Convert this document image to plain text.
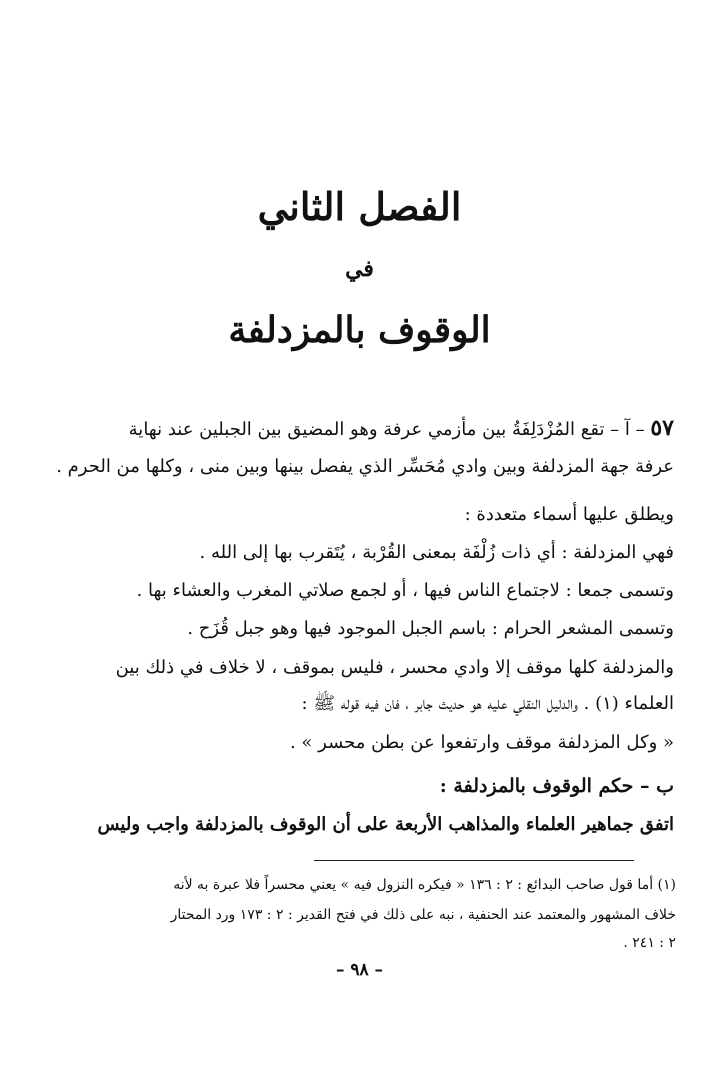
الفصل الثاني
في
الوقوف بالمزدلفة
٥٧ – آ – تقع المُزْدَلِفَةُ بين مأزمي عرفة وهو المضيق بين الجبلين عند نهاية
عرفة جهة المزدلفة وبين وادي مُحَسِّر الذي يفصل بينها وبين منى ، وكلها من الحرم .
ويطلق عليها أسماء متعددة :
فهي المزدلفة : أي ذات زُلْفَة بمعنى القُرْبة ، يُتَقرب بها إلى الله .
وتسمى جمعا : لاجتماع الناس فيها ، أو لجمع صلاتي المغرب والعشاء بها .
وتسمى المشعر الحرام : باسم الجبل الموجود فيها وهو جبل قُزَح .
والمزدلفة كلها موقف إلا وادي محسر ، فليس بموقف ، لا خلاف في ذلك بين
العلماء (١) . والدليل النقلي عليه هو حديث جابر ، فان فيه قوله ﷺ :
« وكل المزدلفة موقف وارتفعوا عن بطن محسر » .
ب – حكم الوقوف بالمزدلفة :
اتفق جماهير العلماء والمذاهب الأربعة على أن الوقوف بالمزدلفة واجب وليس
(١) أما قول صاحب البدائع : ٢ : ١٣٦ « فيكره النزول فيه » يعني محسراً فلا عبرة به لأنه
خلاف المشهور والمعتمد عند الحنفية ، نبه على ذلك في فتح القدير : ٢ : ١٧٣ ورد المحتار
٢ : ٢٤١ .
– ٩٨ –
